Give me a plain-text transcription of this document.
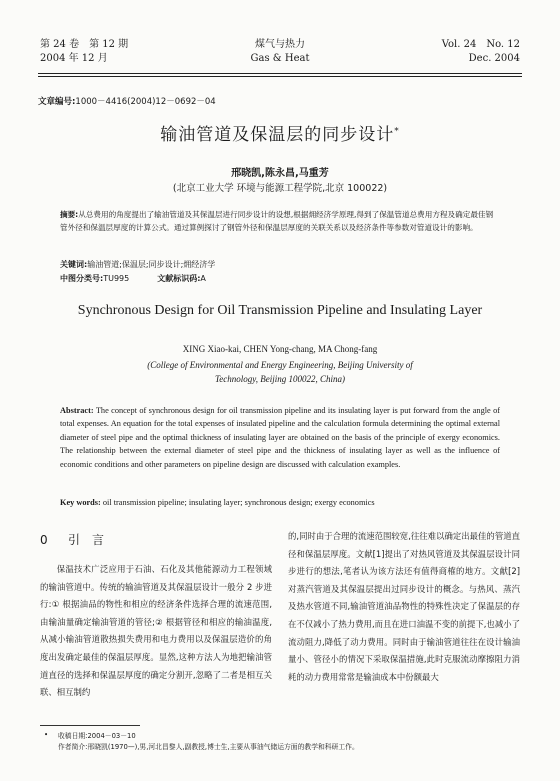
第 24 卷　第 12 期
2004 年 12 月
煤气与热力
Gas & Heat
Vol. 24　No. 12
Dec. 2004
文章编号:1000－4416(2004)12－0692－04
输油管道及保温层的同步设计*
邢晓凯,陈永昌,马重芳
(北京工业大学 环境与能源工程学院,北京 100022)
摘要:从总费用的角度提出了输油管道及其保温层进行同步设计的设想,根据㶲经济学原理,得到了保温管道总费用方程及确定最佳钢管外径和保温层厚度的计算公式。通过算例探讨了钢管外径和保温层厚度的关联关系以及经济条件等参数对管道设计的影响。
关键词:输油管道;保温层;同步设计;㶲经济学
中图分类号:TU995	文献标识码:A
Synchronous Design for Oil Transmission Pipeline and Insulating Layer
XING Xiao-kai, CHEN Yong-chang, MA Chong-fang
(College of Environmental and Energy Engineering, Beijing University of Technology, Beijing 100022, China)
Abstract: The concept of synchronous design for oil transmission pipeline and its insulating layer is put forward from the angle of total expenses. An equation for the total expenses of insulated pipeline and the calculation formula determining the optimal external diameter of steel pipe and the optimal thickness of insulating layer are obtained on the basis of the principle of exergy economics. The relationship between the external diameter of steel pipe and the thickness of insulating layer as well as the influence of economic conditions and other parameters on pipeline design are discussed with calculation examples.
Key words: oil transmission pipeline; insulating layer; synchronous design; exergy economics
0 引　言
保温技术广泛应用于石油、石化及其他能源动力工程领域的输油管道中。传统的输油管道及其保温层设计一般分 2 步进行:① 根据油品的物性和相应的经济条件选择合理的流速范围,由输油量确定输油管道的管径;② 根据管径和相应的输油温度,从减小输油管道散热损失费用和电力费用以及保温层造价的角度出发确定最佳的保温层厚度。显然,这种方法人为地把输油管道直径的选择和保温层厚度的确定分割开,忽略了二者是相互关联、相互制约
的,同时由于合理的流速范围较宽,往往难以确定出最佳的管道直径和保温层厚度。文献[1]提出了对热风管道及其保温层设计同步进行的想法,笔者认为该方法还有值得商榷的地方。文献[2]对蒸汽管道及其保温层提出过同步设计的概念。与热风、蒸汽及热水管道不同,输油管道油品物性的特殊性决定了保温层的存在不仅减小了热力费用,而且在进口油温不变的前提下,也减小了流动阻力,降低了动力费用。同时由于输油管道往往在设计输油量小、管径小的情况下采取保温措施,此时克服流动摩擦阻力消耗的动力费用常常是输油成本中份额最大
• 收稿日期:2004－03－10
作者简介:邢晓凯(1970—),男,河北昌黎人,副教授,博士生,主要从事油气储运方面的教学和科研工作。
